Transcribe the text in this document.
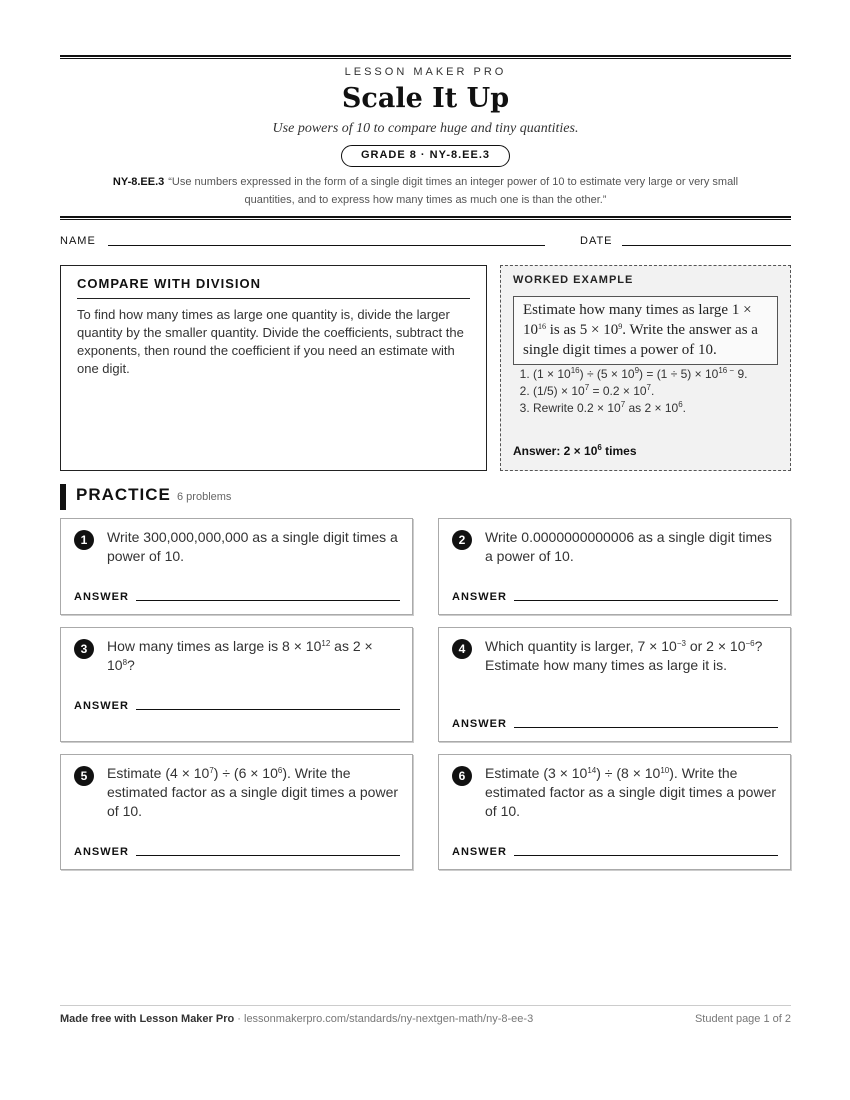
LESSON MAKER PRO
Scale It Up
Use powers of 10 to compare huge and tiny quantities.
GRADE 8 · NY-8.EE.3
NY-8.EE.3 “Use numbers expressed in the form of a single digit times an integer power of 10 to estimate very large or very small
quantities, and to express how many times as much one is than the other.”
NAME	DATE
COMPARE WITH DIVISION
To find how many times as large one quantity is, divide the larger quantity by the smaller quantity. Divide the coefficients, subtract the exponents, then round the coefficient if you need an estimate with one digit.
WORKED EXAMPLE
Estimate how many times as large $1 \times 10^{16}$ is as $5 \times 10^9$. Write the answer as a single digit times a power of 10.
1. $(1 \times 10^{16}) \div (5 \times 10^9) = (1 \div 5) \times 10^{16 -}$ 9.
2. $(1/5) \times 10^7 = 0.2 \times 10^7$.
3. Rewrite $0.2 \times 10^7$ as $2 \times 10^6$.
Answer: $2 \times 10^6$ times
PRACTICE 6 problems
1	Write 300,000,000,000 as a single digit times a power of 10.
ANSWER
2	Write 0.0000000000006 as a single digit times a power of 10.
ANSWER
3	How many times as large is $8 \times 10^{12}$ as $2 \times 10^8$?
ANSWER
4	Which quantity is larger, $7 \times 10^{-3}$ or $2 \times 10^{-6}$? Estimate how many times as large it is.
ANSWER
5	Estimate $(4 \times 10^7) \div (6 \times 10^6)$. Write the estimated factor as a single digit times a power of 10.
ANSWER
6	Estimate $(3 \times 10^{14}) \div (8 \times 10^{10})$. Write the estimated factor as a single digit times a power of 10.
ANSWER
Made free with Lesson Maker Pro · lessonmakerpro.com/standards/ny-nextgen-math/ny-8-ee-3	Student page 1 of 2
